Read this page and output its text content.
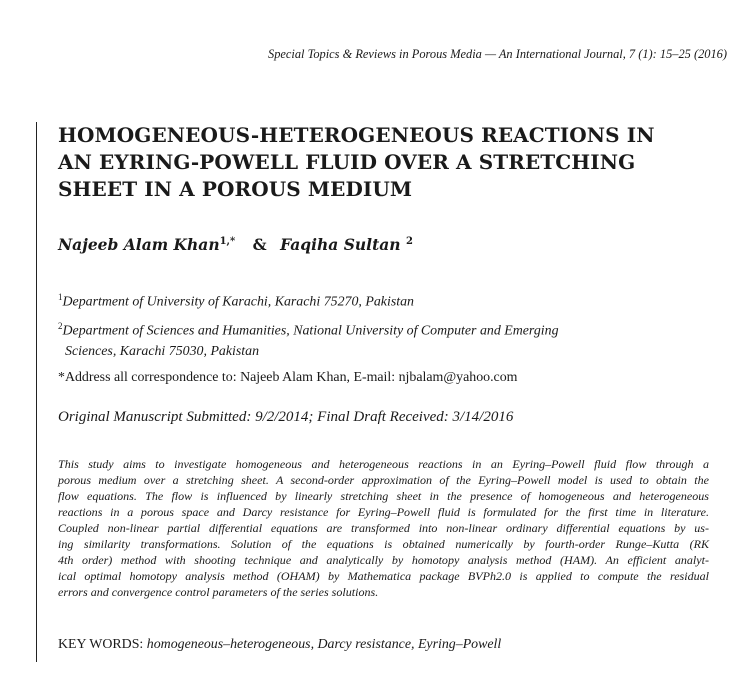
Special Topics & Reviews in Porous Media — An International Journal, 7 (1): 15–25 (2016)
HOMOGENEOUS-HETEROGENEOUS REACTIONS IN
AN EYRING-POWELL FLUID OVER A STRETCHING
SHEET IN A POROUS MEDIUM
Najeeb Alam Khan$^{1,*}$ & Faqiha Sultan $^2$
$^1$Department of University of Karachi, Karachi 75270, Pakistan
$^2$Department of Sciences and Humanities, National University of Computer and Emerging
Sciences, Karachi 75030, Pakistan
*Address all correspondence to: Najeeb Alam Khan, E-mail: njbalam@yahoo.com
Original Manuscript Submitted: 9/2/2014; Final Draft Received: 3/14/2016
This study aims to investigate homogeneous and heterogeneous reactions in an Eyring–Powell fluid flow through a
porous medium over a stretching sheet. A second-order approximation of the Eyring–Powell model is used to obtain the
flow equations. The flow is influenced by linearly stretching sheet in the presence of homogeneous and heterogeneous
reactions in a porous space and Darcy resistance for Eyring–Powell fluid is formulated for the first time in literature.
Coupled non-linear partial differential equations are transformed into non-linear ordinary differential equations by us-
ing similarity transformations. Solution of the equations is obtained numerically by fourth-order Runge–Kutta (RK
4th order) method with shooting technique and analytically by homotopy analysis method (HAM). An efficient analyt-
ical optimal homotopy analysis method (OHAM) by Mathematica package BVPh2.0 is applied to compute the residual
errors and convergence control parameters of the series solutions.
KEY WORDS: homogeneous–heterogeneous, Darcy resistance, Eyring–Powell
